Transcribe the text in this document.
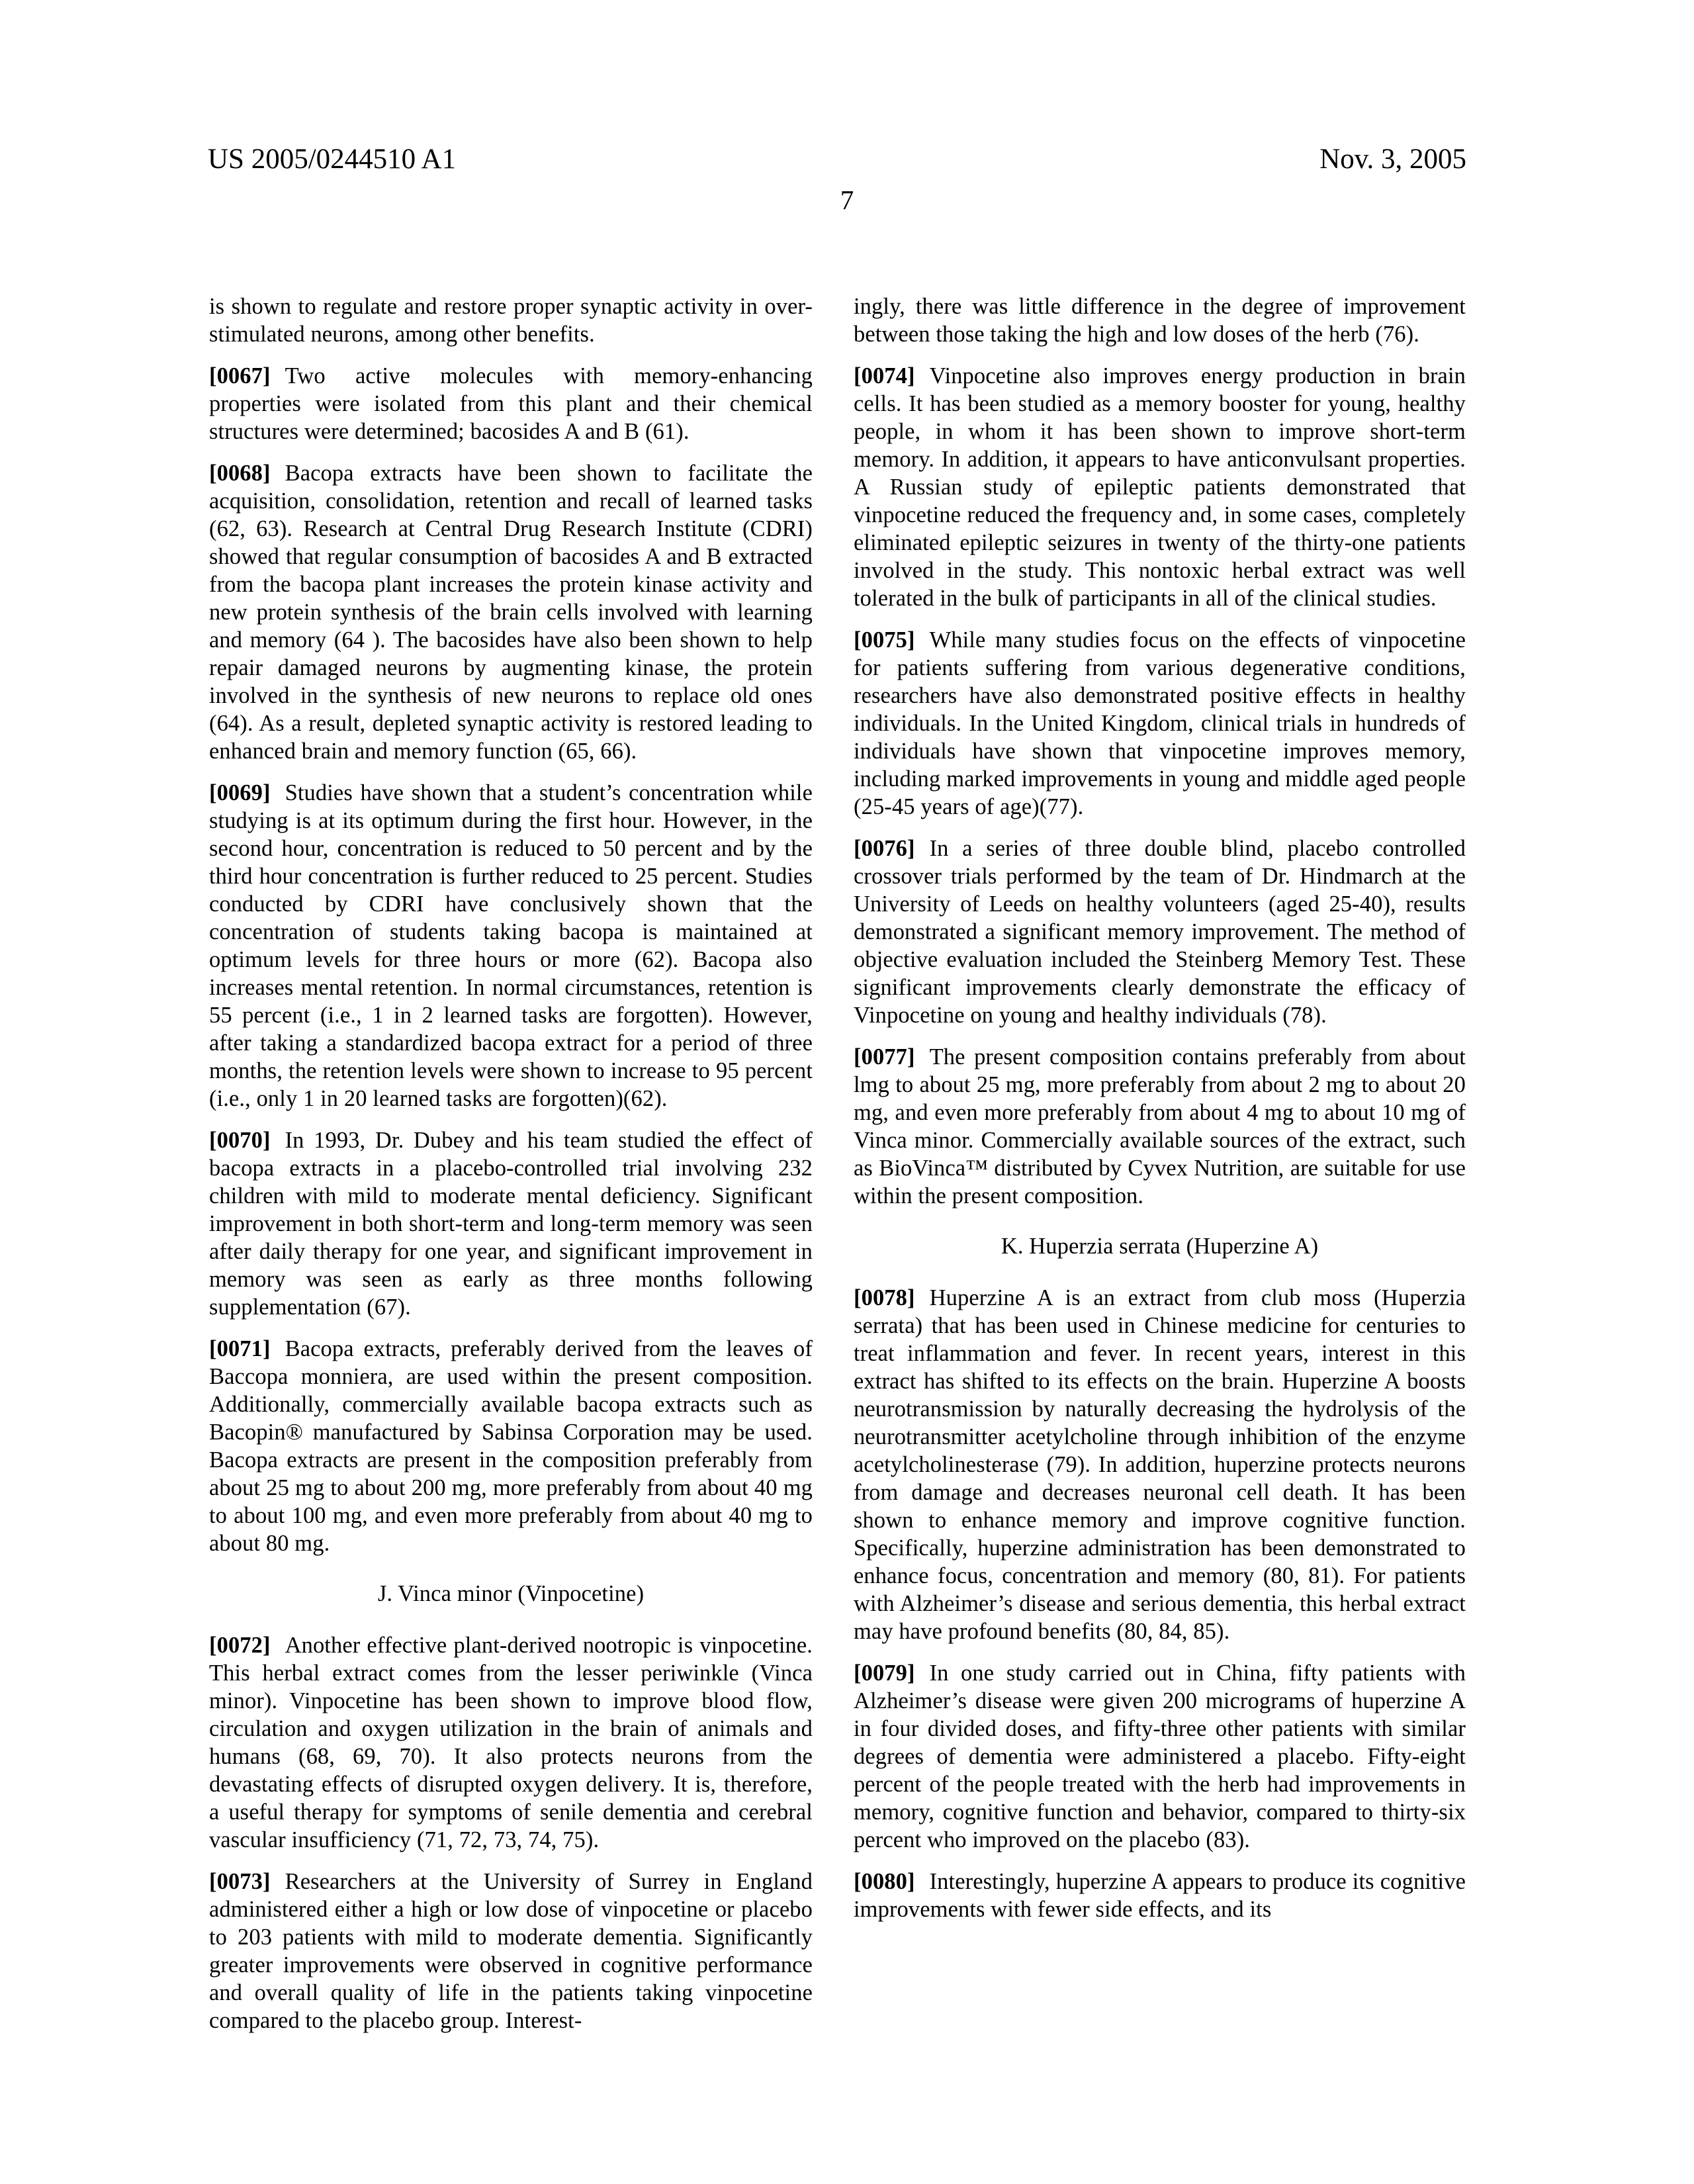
US 2005/0244510 A1	Nov. 3, 2005
7

is shown to regulate and restore proper synaptic activity in over-stimulated neurons, among other benefits.

[0067] Two active molecules with memory-enhancing properties were isolated from this plant and their chemical structures were determined; bacosides A and B (61).

[0068] Bacopa extracts have been shown to facilitate the acquisition, consolidation, retention and recall of learned tasks (62, 63). Research at Central Drug Research Institute (CDRI) showed that regular consumption of bacosides A and B extracted from the bacopa plant increases the protein kinase activity and new protein synthesis of the brain cells involved with learning and memory (64 ). The bacosides have also been shown to help repair damaged neurons by augmenting kinase, the protein involved in the synthesis of new neurons to replace old ones (64). As a result, depleted synaptic activity is restored leading to enhanced brain and memory function (65, 66).

[0069] Studies have shown that a student’s concentration while studying is at its optimum during the first hour. However, in the second hour, concentration is reduced to 50 percent and by the third hour concentration is further reduced to 25 percent. Studies conducted by CDRI have conclusively shown that the concentration of students taking bacopa is maintained at optimum levels for three hours or more (62). Bacopa also increases mental retention. In normal circumstances, retention is 55 percent (i.e., 1 in 2 learned tasks are forgotten). However, after taking a standardized bacopa extract for a period of three months, the retention levels were shown to increase to 95 percent (i.e., only 1 in 20 learned tasks are forgotten)(62).

[0070] In 1993, Dr. Dubey and his team studied the effect of bacopa extracts in a placebo-controlled trial involving 232 children with mild to moderate mental deficiency. Significant improvement in both short-term and long-term memory was seen after daily therapy for one year, and significant improvement in memory was seen as early as three months following supplementation (67).

[0071] Bacopa extracts, preferably derived from the leaves of Baccopa monniera, are used within the present composition. Additionally, commercially available bacopa extracts such as Bacopin® manufactured by Sabinsa Corporation may be used. Bacopa extracts are present in the composition preferably from about 25 mg to about 200 mg, more preferably from about 40 mg to about 100 mg, and even more preferably from about 40 mg to about 80 mg.

J. Vinca minor (Vinpocetine)

[0072] Another effective plant-derived nootropic is vinpocetine. This herbal extract comes from the lesser periwinkle (Vinca minor). Vinpocetine has been shown to improve blood flow, circulation and oxygen utilization in the brain of animals and humans (68, 69, 70). It also protects neurons from the devastating effects of disrupted oxygen delivery. It is, therefore, a useful therapy for symptoms of senile dementia and cerebral vascular insufficiency (71, 72, 73, 74, 75).

[0073] Researchers at the University of Surrey in England administered either a high or low dose of vinpocetine or placebo to 203 patients with mild to moderate dementia. Significantly greater improvements were observed in cognitive performance and overall quality of life in the patients taking vinpocetine compared to the placebo group. Interest-

ingly, there was little difference in the degree of improvement between those taking the high and low doses of the herb (76).

[0074] Vinpocetine also improves energy production in brain cells. It has been studied as a memory booster for young, healthy people, in whom it has been shown to improve short-term memory. In addition, it appears to have anticonvulsant properties. A Russian study of epileptic patients demonstrated that vinpocetine reduced the frequency and, in some cases, completely eliminated epileptic seizures in twenty of the thirty-one patients involved in the study. This nontoxic herbal extract was well tolerated in the bulk of participants in all of the clinical studies.

[0075] While many studies focus on the effects of vinpocetine for patients suffering from various degenerative conditions, researchers have also demonstrated positive effects in healthy individuals. In the United Kingdom, clinical trials in hundreds of individuals have shown that vinpocetine improves memory, including marked improvements in young and middle aged people (25-45 years of age)(77).

[0076] In a series of three double blind, placebo controlled crossover trials performed by the team of Dr. Hindmarch at the University of Leeds on healthy volunteers (aged 25-40), results demonstrated a significant memory improvement. The method of objective evaluation included the Steinberg Memory Test. These significant improvements clearly demonstrate the efficacy of Vinpocetine on young and healthy individuals (78).

[0077] The present composition contains preferably from about lmg to about 25 mg, more preferably from about 2 mg to about 20 mg, and even more preferably from about 4 mg to about 10 mg of Vinca minor. Commercially available sources of the extract, such as BioVinca™ distributed by Cyvex Nutrition, are suitable for use within the present composition.

K. Huperzia serrata (Huperzine A)

[0078] Huperzine A is an extract from club moss (Huperzia serrata) that has been used in Chinese medicine for centuries to treat inflammation and fever. In recent years, interest in this extract has shifted to its effects on the brain. Huperzine A boosts neurotransmission by naturally decreasing the hydrolysis of the neurotransmitter acetylcholine through inhibition of the enzyme acetylcholinesterase (79). In addition, huperzine protects neurons from damage and decreases neuronal cell death. It has been shown to enhance memory and improve cognitive function. Specifically, huperzine administration has been demonstrated to enhance focus, concentration and memory (80, 81). For patients with Alzheimer’s disease and serious dementia, this herbal extract may have profound benefits (80, 84, 85).

[0079] In one study carried out in China, fifty patients with Alzheimer’s disease were given 200 micrograms of huperzine A in four divided doses, and fifty-three other patients with similar degrees of dementia were administered a placebo. Fifty-eight percent of the people treated with the herb had improvements in memory, cognitive function and behavior, compared to thirty-six percent who improved on the placebo (83).

[0080] Interestingly, huperzine A appears to produce its cognitive improvements with fewer side effects, and its
